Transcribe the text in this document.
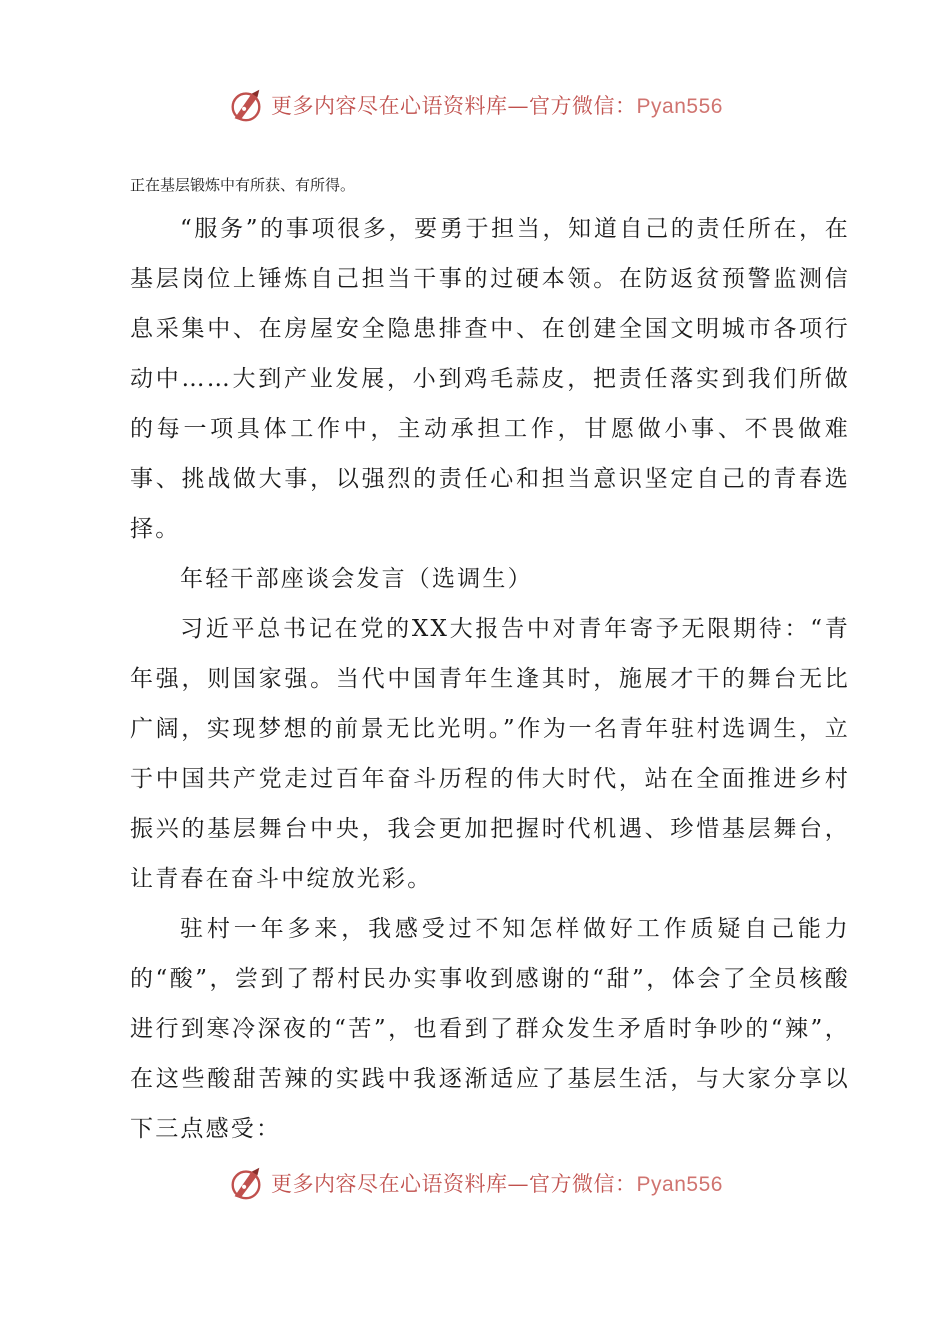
更多内容尽在心语资料库—官方微信：Pyan556

正在基层锻炼中有所获、有所得。

“服务”的事项很多，要勇于担当，知道自己的责任所在，在基层岗位上锤炼自己担当干事的过硬本领。在防返贫预警监测信息采集中、在房屋安全隐患排查中、在创建全国文明城市各项行动中……大到产业发展，小到鸡毛蒜皮，把责任落实到我们所做的每一项具体工作中，主动承担工作，甘愿做小事、不畏做难事、挑战做大事，以强烈的责任心和担当意识坚定自己的青春选择。

年轻干部座谈会发言（选调生）

习近平总书记在党的XX大报告中对青年寄予无限期待：“青年强，则国家强。当代中国青年生逢其时，施展才干的舞台无比广阔，实现梦想的前景无比光明。”作为一名青年驻村选调生，立于中国共产党走过百年奋斗历程的伟大时代，站在全面推进乡村振兴的基层舞台中央，我会更加把握时代机遇、珍惜基层舞台，让青春在奋斗中绽放光彩。

驻村一年多来，我感受过不知怎样做好工作质疑自己能力的“酸”，尝到了帮村民办实事收到感谢的“甜”，体会了全员核酸进行到寒冷深夜的“苦”，也看到了群众发生矛盾时争吵的“辣”，在这些酸甜苦辣的实践中我逐渐适应了基层生活，与大家分享以下三点感受：

更多内容尽在心语资料库—官方微信：Pyan556
